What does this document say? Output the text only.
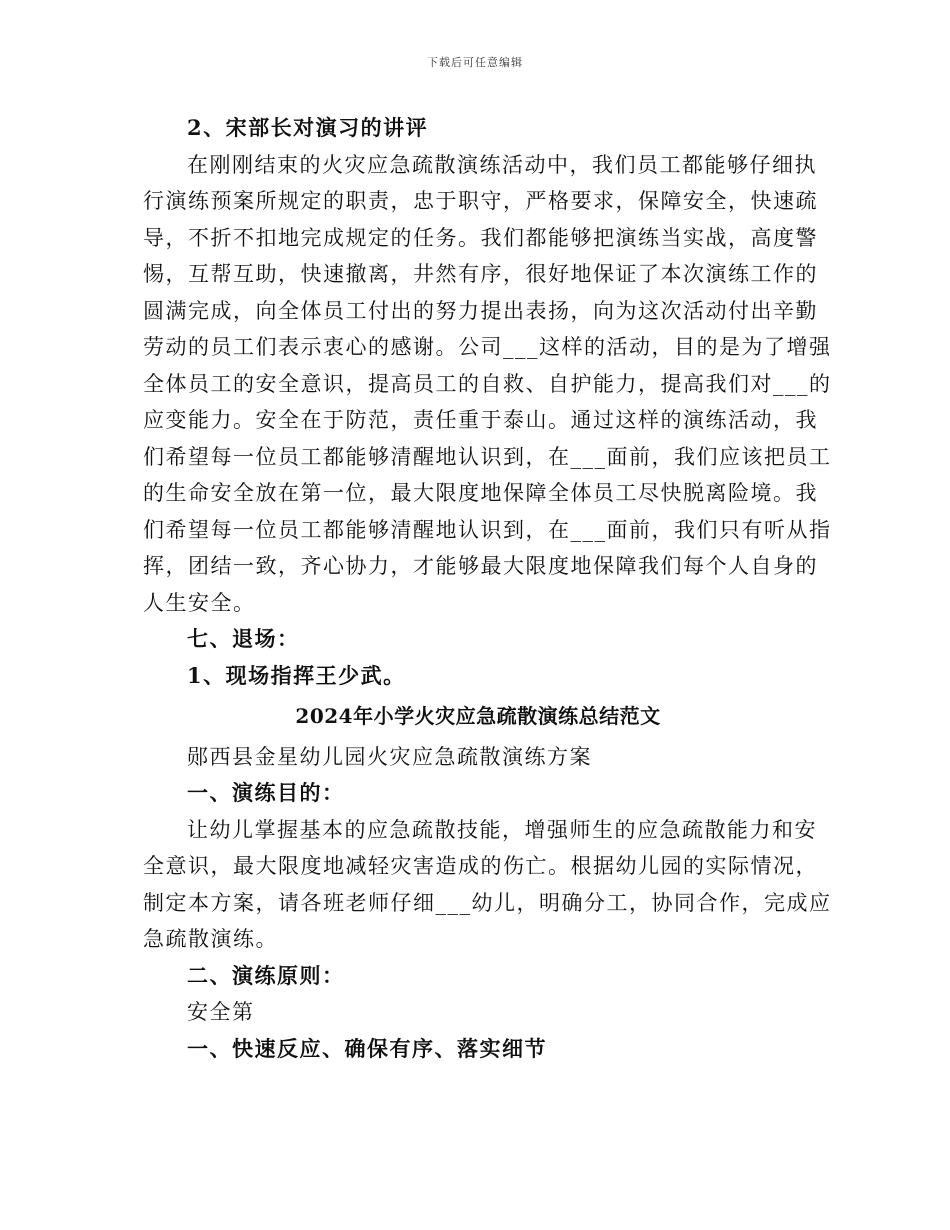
下载后可任意编辑
2、宋部长对演习的讲评
在刚刚结束的火灾应急疏散演练活动中，我们员工都能够仔细执
行演练预案所规定的职责，忠于职守，严格要求，保障安全，快速疏
导，不折不扣地完成规定的任务。我们都能够把演练当实战，高度警
惕，互帮互助，快速撤离，井然有序，很好地保证了本次演练工作的
圆满完成，向全体员工付出的努力提出表扬，向为这次活动付出辛勤
劳动的员工们表示衷心的感谢。公司___这样的活动，目的是为了增强
全体员工的安全意识，提高员工的自救、自护能力，提高我们对___的
应变能力。安全在于防范，责任重于泰山。通过这样的演练活动，我
们希望每一位员工都能够清醒地认识到，在___面前，我们应该把员工
的生命安全放在第一位，最大限度地保障全体员工尽快脱离险境。我
们希望每一位员工都能够清醒地认识到，在___面前，我们只有听从指
挥，团结一致，齐心协力，才能够最大限度地保障我们每个人自身的
人生安全。
七、退场：
1、现场指挥王少武。
2024年小学火灾应急疏散演练总结范文
郧西县金星幼儿园火灾应急疏散演练方案
一、演练目的：
让幼儿掌握基本的应急疏散技能，增强师生的应急疏散能力和安
全意识，最大限度地减轻灾害造成的伤亡。根据幼儿园的实际情况，
制定本方案，请各班老师仔细___幼儿，明确分工，协同合作，完成应
急疏散演练。
二、演练原则：
安全第
一、快速反应、确保有序、落实细节
